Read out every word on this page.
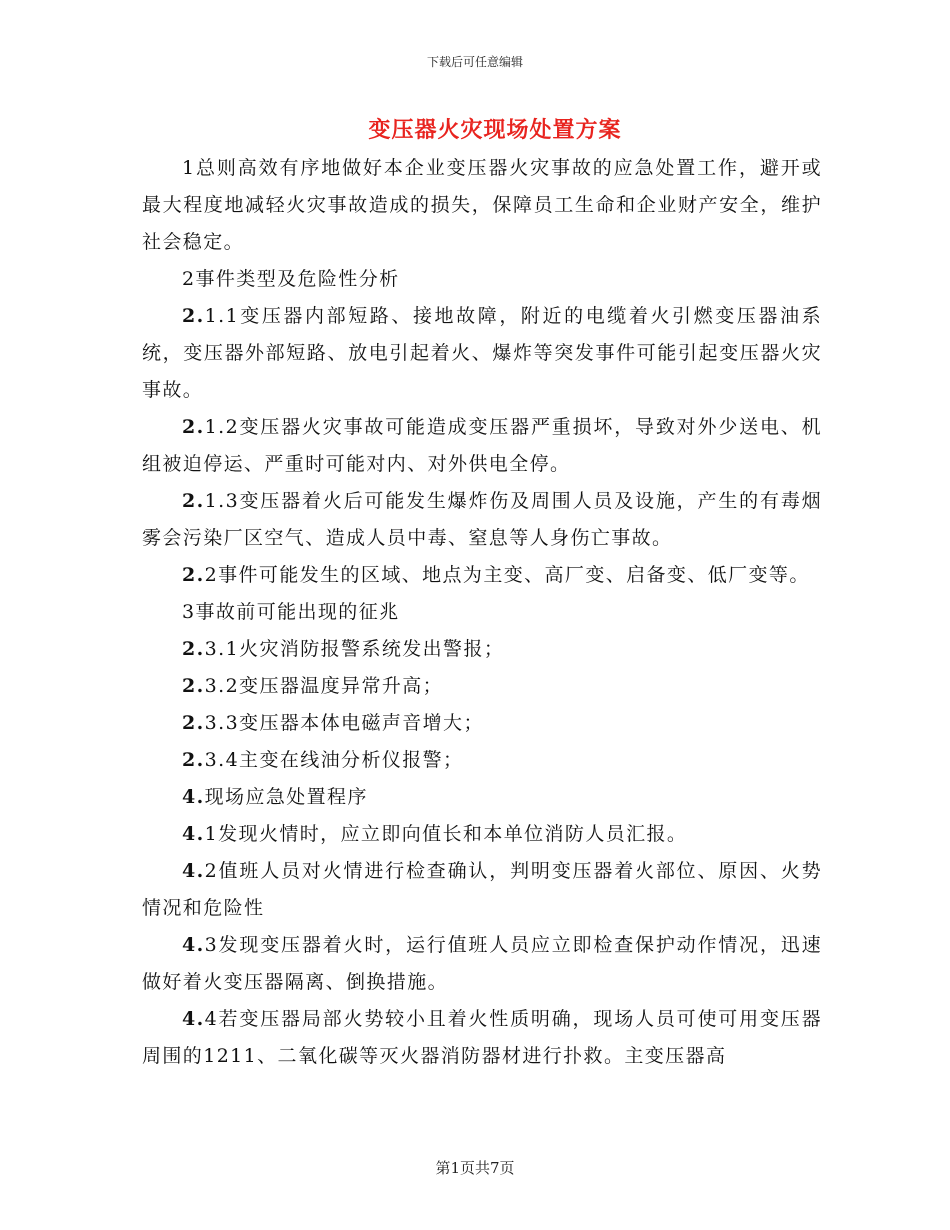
下载后可任意编辑
变压器火灾现场处置方案

1总则高效有序地做好本企业变压器火灾事故的应急处置工作，避开或最大程度地减轻火灾事故造成的损失，保障员工生命和企业财产安全，维护社会稳定。

2事件类型及危险性分析

2.1.1变压器内部短路、接地故障，附近的电缆着火引燃变压器油系统，变压器外部短路、放电引起着火、爆炸等突发事件可能引起变压器火灾事故。

2.1.2变压器火灾事故可能造成变压器严重损坏，导致对外少送电、机组被迫停运、严重时可能对内、对外供电全停。

2.1.3变压器着火后可能发生爆炸伤及周围人员及设施，产生的有毒烟雾会污染厂区空气、造成人员中毒、窒息等人身伤亡事故。

2.2事件可能发生的区域、地点为主变、高厂变、启备变、低厂变等。

3事故前可能出现的征兆

2.3.1火灾消防报警系统发出警报；

2.3.2变压器温度异常升高；

2.3.3变压器本体电磁声音增大；

2.3.4主变在线油分析仪报警；

4.现场应急处置程序

4.1发现火情时，应立即向值长和本单位消防人员汇报。

4.2值班人员对火情进行检查确认，判明变压器着火部位、原因、火势情况和危险性

4.3发现变压器着火时，运行值班人员应立即检查保护动作情况，迅速做好着火变压器隔离、倒换措施。

4.4若变压器局部火势较小且着火性质明确，现场人员可使可用变压器周围的1211、二氧化碳等灭火器消防器材进行扑救。主变压器高

第1页共7页
